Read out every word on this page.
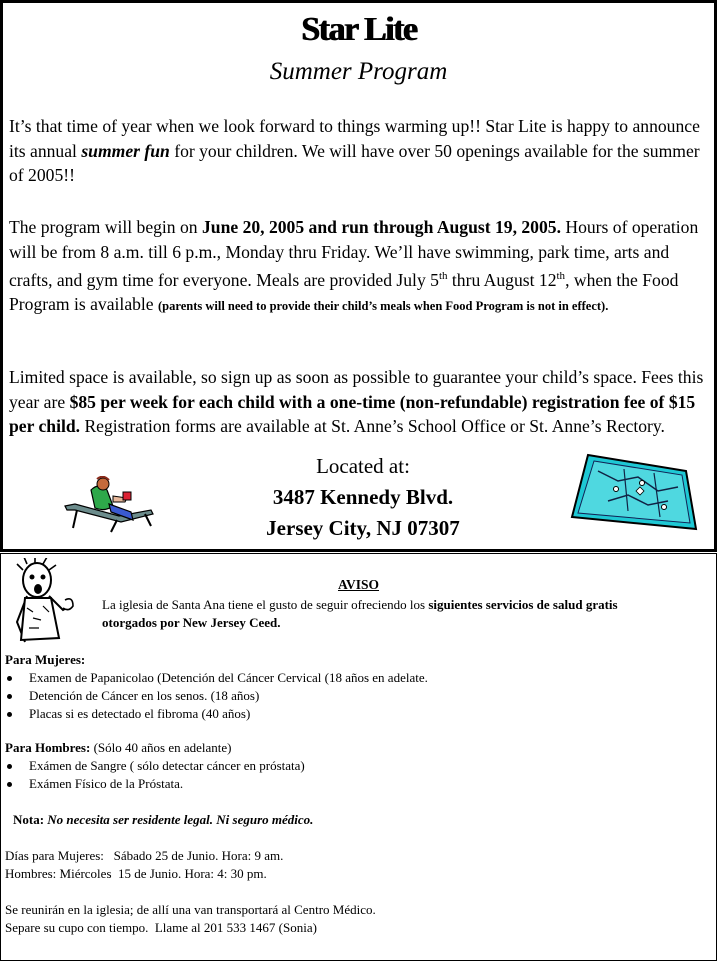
Star Lite
Summer Program
It’s that time of year when we look forward to things warming up!! Star Lite is happy to announce its annual summer fun for your children. We will have over 50 openings available for the summer of 2005!!
The program will begin on June 20, 2005 and run through August 19, 2005. Hours of operation will be from 8 a.m. till 6 p.m., Monday thru Friday. We’ll have swimming, park time, arts and crafts, and gym time for everyone. Meals are provided July 5th thru August 12th, when the Food Program is available (parents will need to provide their child’s meals when Food Program is not in effect).
Limited space is available, so sign up as soon as possible to guarantee your child’s space. Fees this year are $85 per week for each child with a one-time (non-refundable) registration fee of $15 per child. Registration forms are available at St. Anne’s School Office or St. Anne’s Rectory.
Located at:
3487 Kennedy Blvd.
Jersey City, NJ 07307
AVISO
La iglesia de Santa Ana tiene el gusto de seguir ofreciendo los siguientes servicios de salud gratis otorgados por New Jersey Ceed.
Para Mujeres:
Examen de Papanicolao (Detención del Cáncer Cervical (18 años en adelate.
Detención de Cáncer en los senos. (18 años)
Placas si es detectado el fibroma (40 años)
Para Hombres: (Sólo 40 años en adelante)
Exámen de Sangre ( sólo detectar cáncer en próstata)
Exámen Físico de la Próstata.
Nota: No necesita ser residente legal. Ni seguro médico.
Días para Mujeres:   Sábado 25 de Junio. Hora: 9 am.
Hombres: Miércoles  15 de Junio. Hora: 4: 30 pm.
Se reunirán en la iglesia; de allí una van transportará al Centro Médico.
Separe su cupo con tiempo.  Llame al 201 533 1467 (Sonia)
